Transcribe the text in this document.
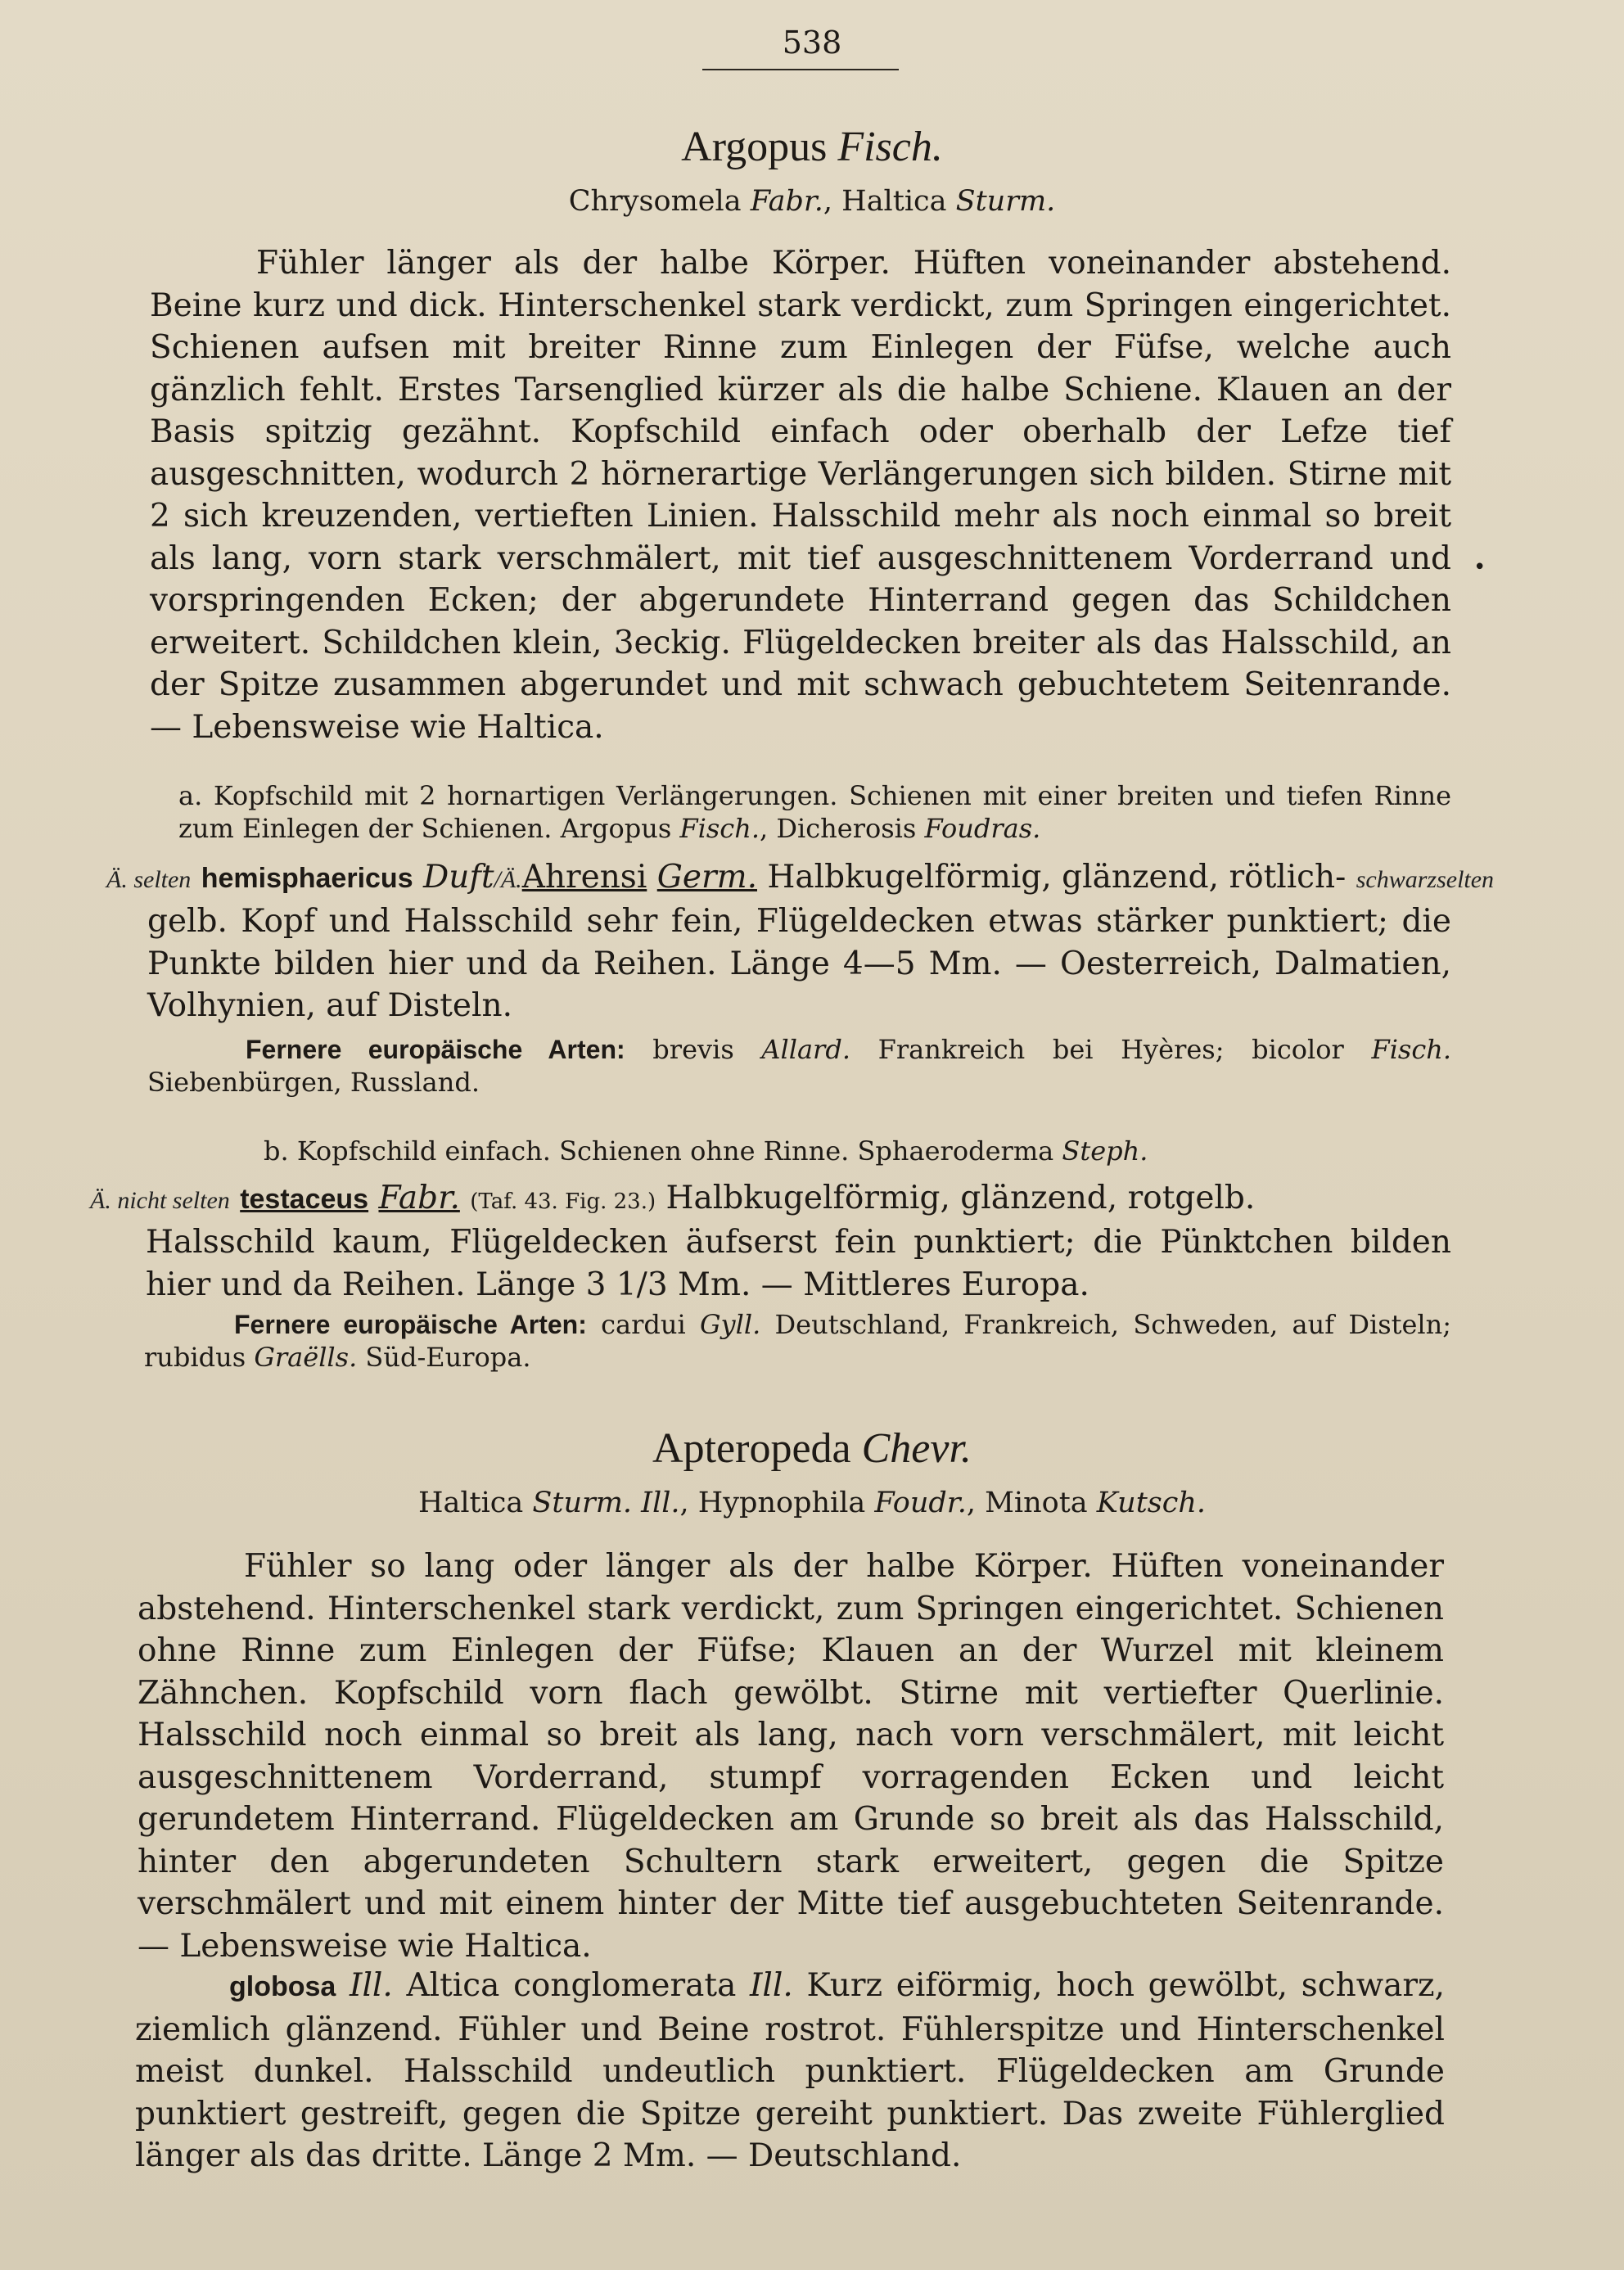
538
Argopus Fisch.
Chrysomela Fabr., Haltica Sturm.
Fühler länger als der halbe Körper. Hüften voneinander abstehend. Beine kurz und dick. Hinterschenkel stark verdickt, zum Springen eingerichtet. Schienen aufsen mit breiter Rinne zum Einlegen der Füfse, welche auch gänzlich fehlt. Erstes Tarsenglied kürzer als die halbe Schiene. Klauen an der Basis spitzig gezähnt. Kopfschild einfach oder oberhalb der Lefze tief ausgeschnitten, wodurch 2 hörnerartige Verlängerungen sich bilden. Stirne mit 2 sich kreuzenden, vertieften Linien. Halsschild mehr als noch einmal so breit als lang, vorn stark verschmälert, mit tief ausgeschnittenem Vorderrand und vorspringenden Ecken; der abgerundete Hinterrand gegen das Schildchen erweitert. Schildchen klein, 3eckig. Flügeldecken breiter als das Halsschild, an der Spitze zusammen abgerundet und mit schwach gebuchtetem Seitenrande. — Lebensweise wie Haltica.
a. Kopfschild mit 2 hornartigen Verlängerungen. Schienen mit einer breiten und tiefen Rinne zum Einlegen der Schienen. Argopus Fisch., Dicherosis Foudras.
Ä. selten hemisphaericus Duft/Ä.Ahrensi Germ. Halbkugelförmig, glänzend, rötlich- schwarzselten
gelb. Kopf und Halsschild sehr fein, Flügeldecken etwas stärker punktiert; die Punkte bilden hier und da Reihen. Länge 4—5 Mm. — Oesterreich, Dalmatien, Volhynien, auf Disteln.
Fernere europäische Arten: brevis Allard. Frankreich bei Hyères; bicolor Fisch. Siebenbürgen, Russland.
b. Kopfschild einfach. Schienen ohne Rinne. Sphaeroderma Steph.
Ä. nicht selten testaceus Fabr. (Taf. 43. Fig. 23.) Halbkugelförmig, glänzend, rotgelb.
Halsschild kaum, Flügeldecken äufserst fein punktiert; die Pünktchen bilden hier und da Reihen. Länge 3 1/3 Mm. — Mittleres Europa.
Fernere europäische Arten: cardui Gyll. Deutschland, Frankreich, Schweden, auf Disteln; rubidus Graëlls. Süd-Europa.
Apteropeda Chevr.
Haltica Sturm. Ill., Hypnophila Foudr., Minota Kutsch.
Fühler so lang oder länger als der halbe Körper. Hüften voneinander abstehend. Hinterschenkel stark verdickt, zum Springen eingerichtet. Schienen ohne Rinne zum Einlegen der Füfse; Klauen an der Wurzel mit kleinem Zähnchen. Kopfschild vorn flach gewölbt. Stirne mit vertiefter Querlinie. Halsschild noch einmal so breit als lang, nach vorn verschmälert, mit leicht ausgeschnittenem Vorderrand, stumpf vorragenden Ecken und leicht gerundetem Hinterrand. Flügeldecken am Grunde so breit als das Halsschild, hinter den abgerundeten Schultern stark erweitert, gegen die Spitze verschmälert und mit einem hinter der Mitte tief ausgebuchteten Seitenrande. — Lebensweise wie Haltica.
globosa Ill. Altica conglomerata Ill. Kurz eiförmig, hoch gewölbt, schwarz, ziemlich glänzend. Fühler und Beine rostrot. Fühlerspitze und Hinterschenkel meist dunkel. Halsschild undeutlich punktiert. Flügeldecken am Grunde punktiert gestreift, gegen die Spitze gereiht punktiert. Das zweite Fühlerglied länger als das dritte. Länge 2 Mm. — Deutschland.
•
